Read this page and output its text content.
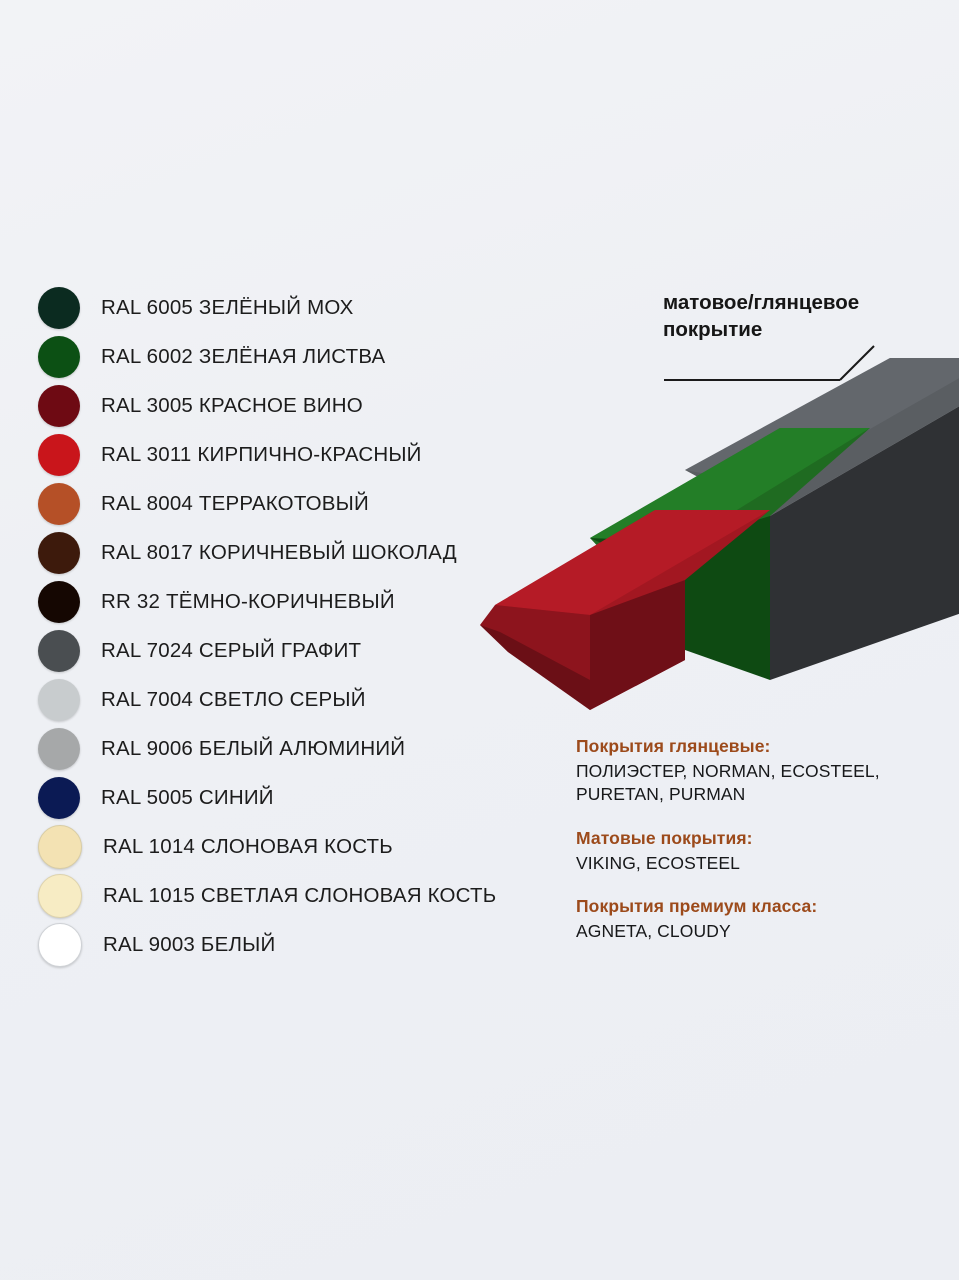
RAL 6005 ЗЕЛЁНЫЙ МОХ
RAL 6002 ЗЕЛЁНАЯ ЛИСТВА
RAL 3005 КРАСНОЕ ВИНО
RAL 3011 КИРПИЧНО-КРАСНЫЙ
RAL 8004 ТЕРРАКОТОВЫЙ
RAL 8017 КОРИЧНЕВЫЙ ШОКОЛАД
RR 32 ТЁМНО-КОРИЧНЕВЫЙ
RAL 7024 СЕРЫЙ ГРАФИТ
RAL 7004 СВЕТЛО СЕРЫЙ
RAL 9006 БЕЛЫЙ АЛЮМИНИЙ
RAL 5005 СИНИЙ
RAL 1014 СЛОНОВАЯ КОСТЬ
RAL 1015 СВЕТЛАЯ СЛОНОВАЯ КОСТЬ
RAL 9003 БЕЛЫЙ
матовое/глянцевое
покрытие
Покрытия глянцевые:
ПОЛИЭСТЕР, NORMAN, ECOSTEEL,
PURETAN, PURMAN
Матовые покрытия:
VIKING, ECOSTEEL
Покрытия премиум класса:
AGNETA, CLOUDY
